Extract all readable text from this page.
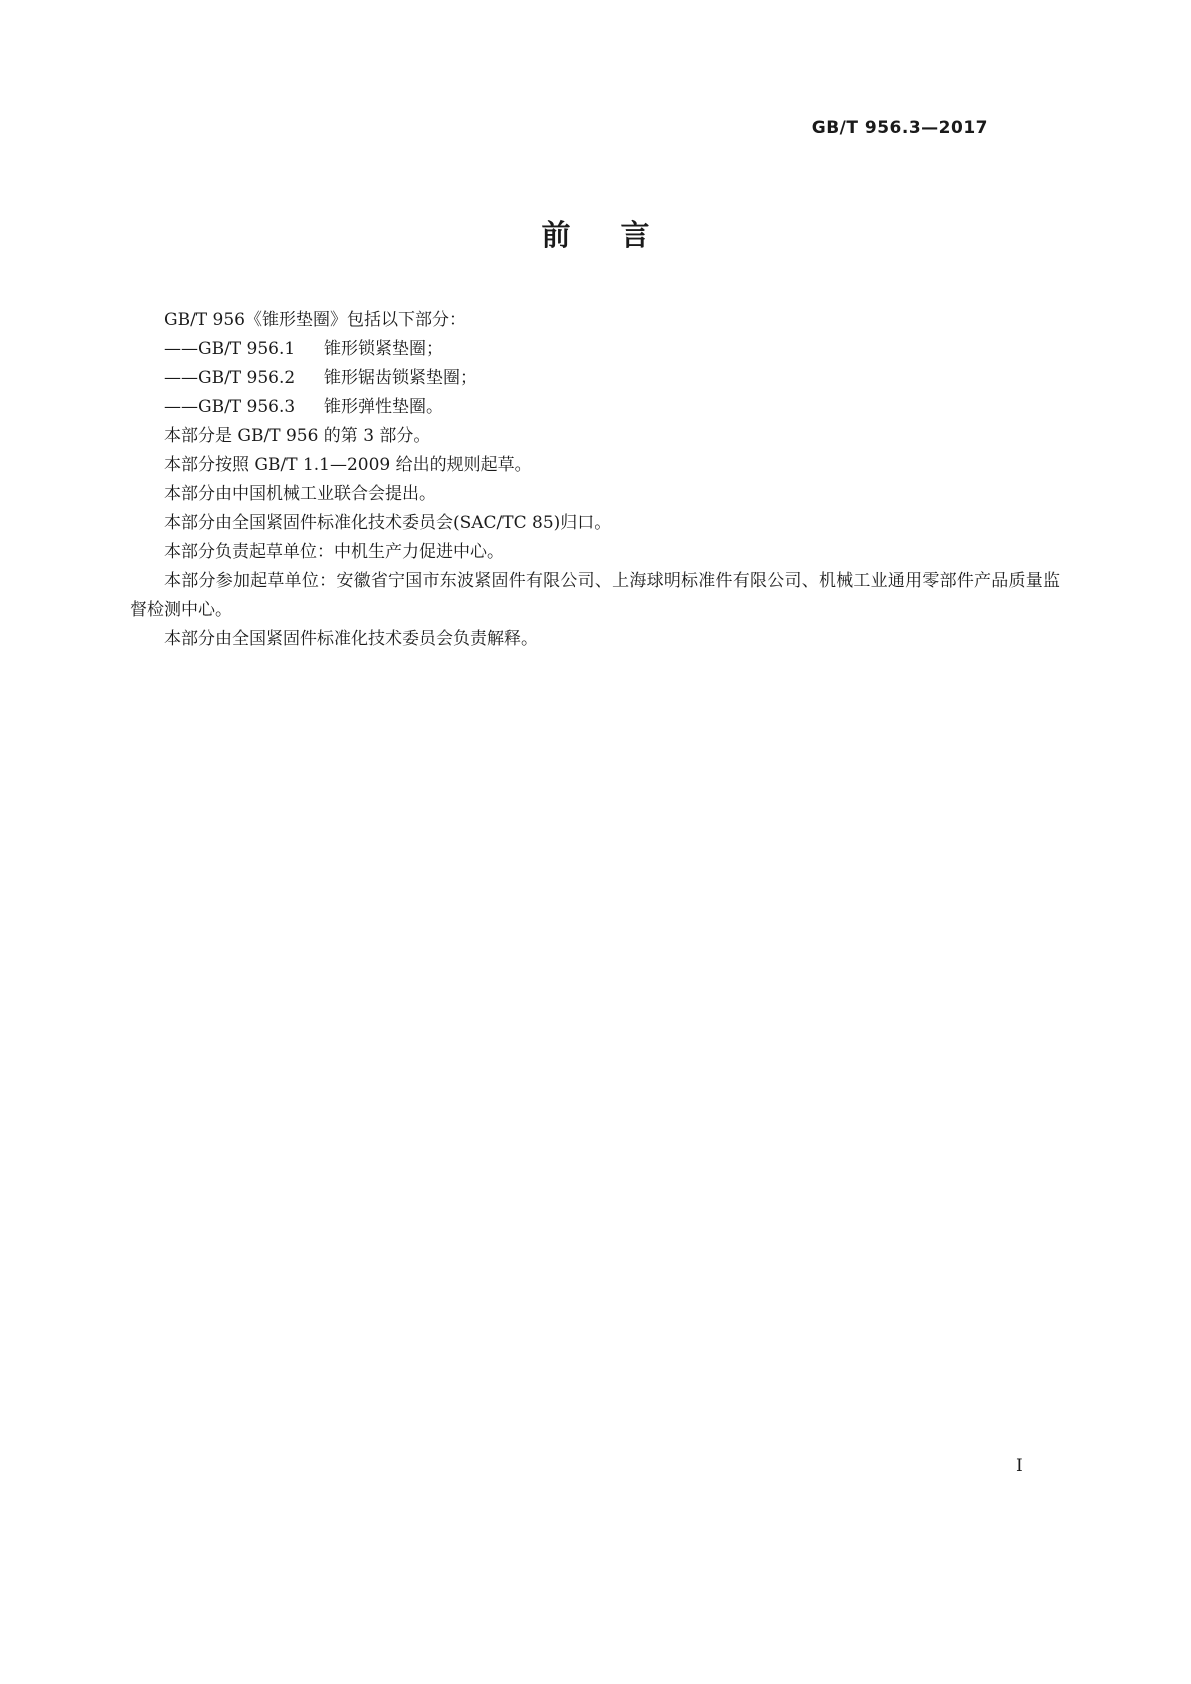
GB/T 956.3—2017
前言

GB/T 956《锥形垫圈》包括以下部分：

——GB/T 956.1 锥形锁紧垫圈；

——GB/T 956.2 锥形锯齿锁紧垫圈；

——GB/T 956.3 锥形弹性垫圈。

本部分是 GB/T 956 的第 3 部分。

本部分按照 GB/T 1.1—2009 给出的规则起草。

本部分由中国机械工业联合会提出。

本部分由全国紧固件标准化技术委员会(SAC/TC 85)归口。

本部分负责起草单位：中机生产力促进中心。

本部分参加起草单位：安徽省宁国市东波紧固件有限公司、上海球明标准件有限公司、机械工业通用零部件产品质量监督检测中心。

本部分由全国紧固件标准化技术委员会负责解释。

I
